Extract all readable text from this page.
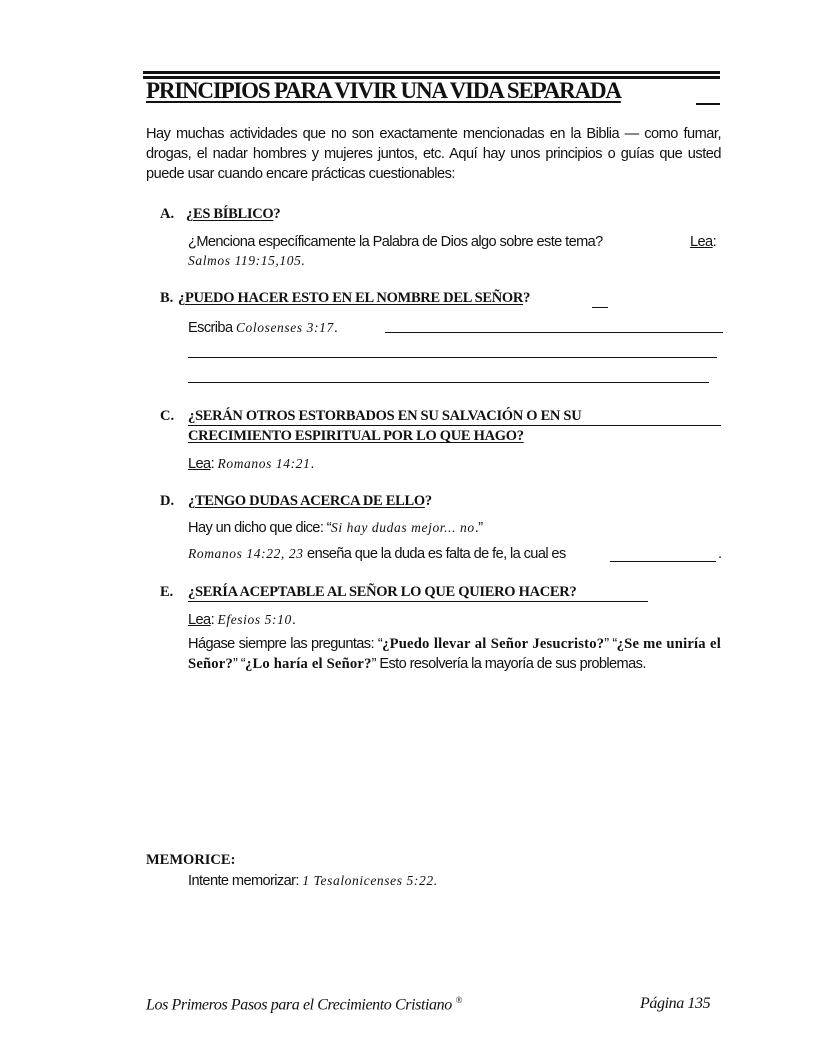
PRINCIPIOS PARA VIVIR UNA VIDA SEPARADA
Hay muchas actividades que no son exactamente mencionadas en la Biblia — como fumar, drogas, el nadar hombres y mujeres juntos, etc. Aquí hay unos principios o guías que usted puede usar cuando encare prácticas cuestionables:
A. ¿ES BÍBLICO?
¿Menciona específicamente la Palabra de Dios algo sobre este tema?	Lea:
Salmos 119:15,105.
B. ¿PUEDO HACER ESTO EN EL NOMBRE DEL SEÑOR?
Escriba Colosenses 3:17.
C. ¿SERÁN OTROS ESTORBADOS EN SU SALVACIÓN O EN SU
CRECIMIENTO ESPIRITUAL POR LO QUE HAGO?
Lea: Romanos 14:21.
D. ¿TENGO DUDAS ACERCA DE ELLO?
Hay un dicho que dice: “Si hay dudas mejor... no.”
Romanos 14:22, 23 enseña que la duda es falta de fe, la cual es	.
E. ¿SERÍA ACEPTABLE AL SEÑOR LO QUE QUIERO HACER?
Lea: Efesios 5:10.
Hágase siempre las preguntas: “¿Puedo llevar al Señor Jesucristo?” “¿Se me uniría el Señor?” “¿Lo haría el Señor?” Esto resolvería la mayoría de sus problemas.
MEMORICE:
Intente memorizar: 1 Tesalonicenses 5:22.
Los Primeros Pasos para el Crecimiento Cristiano ®	Página 135
